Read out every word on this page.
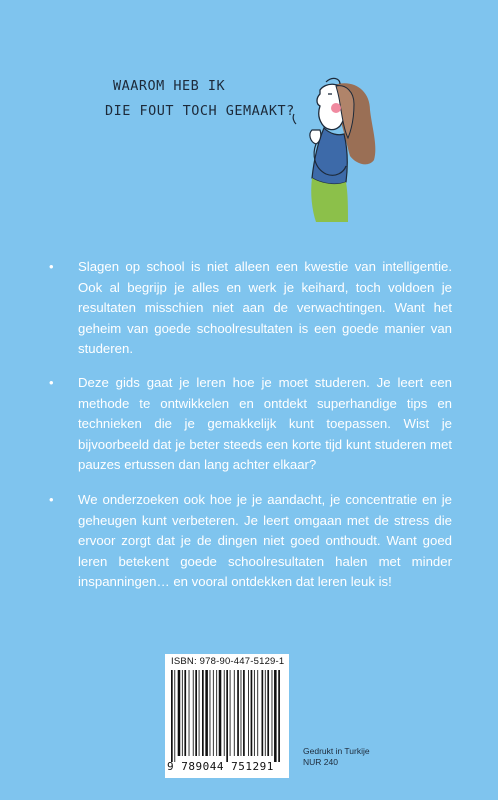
WAAROM HEB IK
DIE FOUT TOCH GEMAAKT?
•	Slagen op school is niet alleen een kwestie van intelligentie. Ook al begrijp je alles en werk je keihard, toch voldoen je resultaten misschien niet aan de verwachtingen. Want het geheim van goede schoolresultaten is een goede manier van studeren.
•	Deze gids gaat je leren hoe je moet studeren. Je leert een methode te ontwikkelen en ontdekt superhandige tips en technieken die je gemakkelijk kunt toepassen. Wist je bijvoorbeeld dat je beter steeds een korte tijd kunt studeren met pauzes ertussen dan lang achter elkaar?
•	We onderzoeken ook hoe je je aandacht, je concentratie en je geheugen kunt verbeteren. Je leert omgaan met de stress die ervoor zorgt dat je de dingen niet goed onthoudt. Want goed leren betekent goede schoolresultaten halen met minder inspanningen… en vooral ontdekken dat leren leuk is!
ISBN: 978-90-447-5129-1
9 789044 751291
Gedrukt in Turkije
NUR 240
